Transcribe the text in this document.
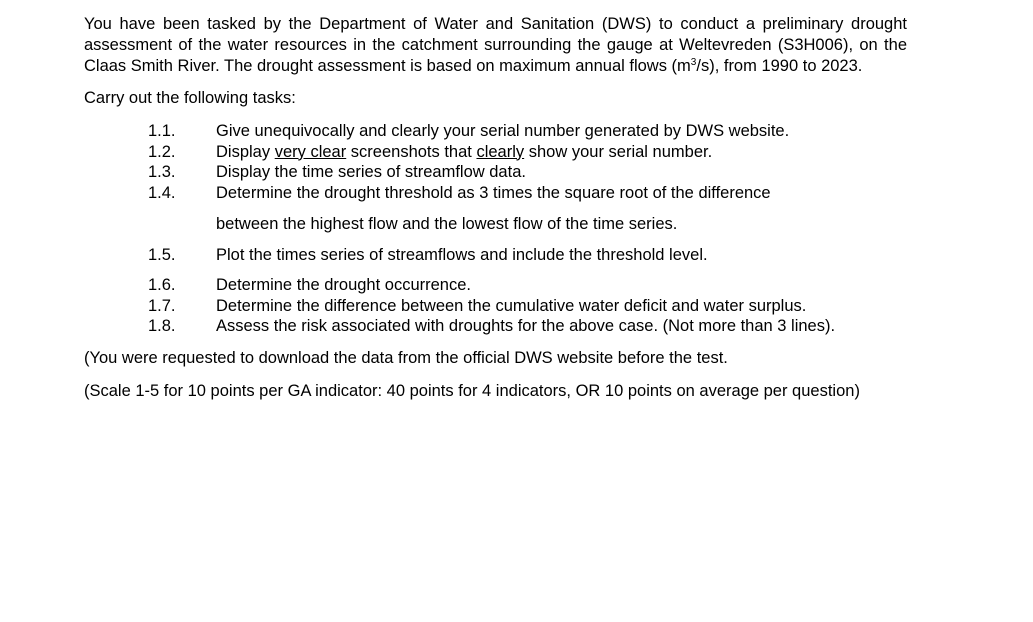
You have been tasked by the Department of Water and Sanitation (DWS) to conduct a preliminary drought assessment of the water resources in the catchment surrounding the gauge at Weltevreden (S3H006), on the Claas Smith River. The drought assessment is based on maximum annual flows $(m^3/s)$, from 1990 to 2023.

Carry out the following tasks:

1.1.	Give unequivocally and clearly your serial number generated by DWS website.
1.2.	Display very clear screenshots that clearly show your serial number.
1.3.	Display the time series of streamflow data.
1.4.	Determine the drought threshold as 3 times the square root of the difference
between the highest flow and the lowest flow of the time series.
1.5.	Plot the times series of streamflows and include the threshold level.
1.6.	Determine the drought occurrence.
1.7.	Determine the difference between the cumulative water deficit and water surplus.
1.8.	Assess the risk associated with droughts for the above case. (Not more than 3 lines).

(You were requested to download the data from the official DWS website before the test.

(Scale 1-5 for 10 points per GA indicator: 40 points for 4 indicators, OR 10 points on average per question)
